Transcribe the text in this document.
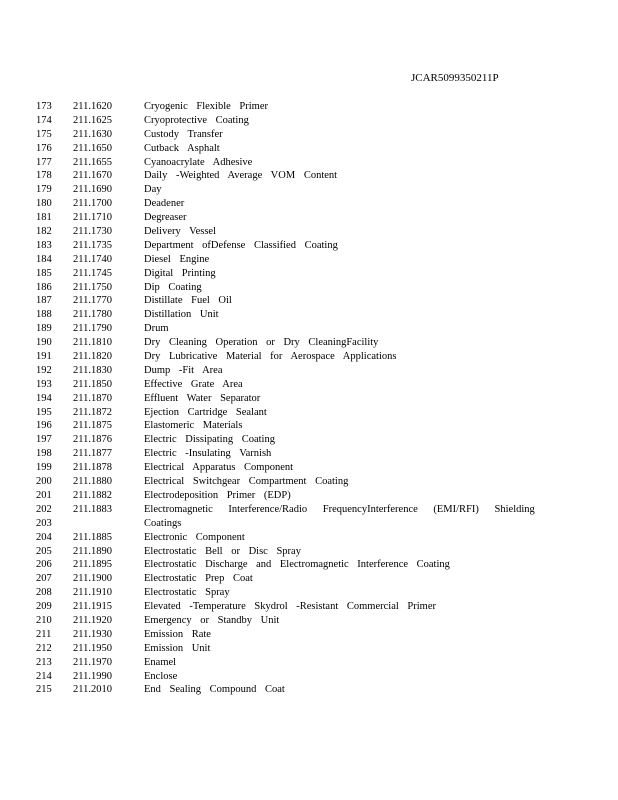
JCAR5099350211P
173 211.1620	Cryogenic Flexible Primer
174 211.1625	Cryoprotective Coating
175 211.1630	Custody Transfer
176 211.1650	Cutback Asphalt
177 211.1655	Cyanoacrylate Adhesive
178 211.1670	Daily -Weighted Average VOM Content
179 211.1690	Day
180 211.1700	Deadener
181 211.1710	Degreaser
182 211.1730	Delivery Vessel
183 211.1735	Department ofDefense Classified Coating
184 211.1740	Diesel Engine
185 211.1745	Digital Printing
186 211.1750	Dip Coating
187 211.1770	Distillate Fuel Oil
188 211.1780	Distillation Unit
189 211.1790	Drum
190 211.1810	Dry Cleaning Operation or Dry CleaningFacility
191 211.1820	Dry Lubricative Material for Aerospace Applications
192 211.1830	Dump -Fit Area
193 211.1850	Effective Grate Area
194 211.1870	Effluent Water Separator
195 211.1872	Ejection Cartridge Sealant
196 211.1875	Elastomeric Materials
197 211.1876	Electric Dissipating Coating
198 211.1877	Electric -Insulating Varnish
199 211.1878	Electrical Apparatus Component
200 211.1880	Electrical Switchgear Compartment Coating
201 211.1882	Electrodeposition Primer (EDP)
202 211.1883	Electromagnetic Interference/Radio FrequencyInterference (EMI/RFI) Shielding
203	Coatings
204 211.1885	Electronic Component
205 211.1890	Electrostatic Bell or Disc Spray
206 211.1895	Electrostatic Discharge and Electromagnetic Interference Coating
207 211.1900	Electrostatic Prep Coat
208 211.1910	Electrostatic Spray
209 211.1915	Elevated -Temperature Skydrol -Resistant Commercial Primer
210 211.1920	Emergency or Standby Unit
211 211.1930	Emission Rate
212 211.1950	Emission Unit
213 211.1970	Enamel
214 211.1990	Enclose
215 211.2010	End Sealing Compound Coat
